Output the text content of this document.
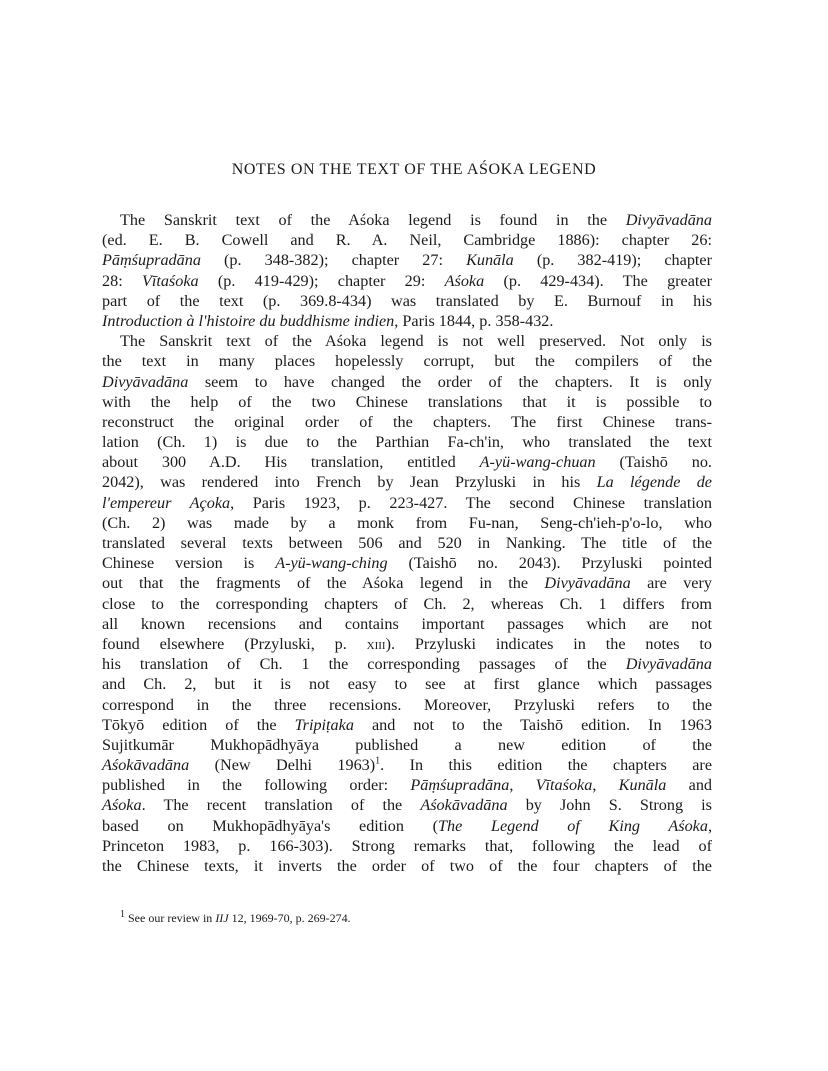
NOTES ON THE TEXT OF THE AŚOKA LEGEND
The Sanskrit text of the Aśoka legend is found in the Divyāvadāna
(ed. E. B. Cowell and R. A. Neil, Cambridge 1886): chapter 26:
Pāṃśupradāna (p. 348-382); chapter 27: Kunāla (p. 382-419); chapter
28: Vītaśoka (p. 419-429); chapter 29: Aśoka (p. 429-434). The greater
part of the text (p. 369.8-434) was translated by E. Burnouf in his
Introduction à l'histoire du buddhisme indien, Paris 1844, p. 358-432.
The Sanskrit text of the Aśoka legend is not well preserved. Not only is
the text in many places hopelessly corrupt, but the compilers of the
Divyāvadāna seem to have changed the order of the chapters. It is only
with the help of the two Chinese translations that it is possible to
reconstruct the original order of the chapters. The first Chinese trans-
lation (Ch. 1) is due to the Parthian Fa-ch'in, who translated the text
about 300 A.D. His translation, entitled A-yü-wang-chuan (Taishō no.
2042), was rendered into French by Jean Przyluski in his La légende de
l'empereur Açoka, Paris 1923, p. 223-427. The second Chinese translation
(Ch. 2) was made by a monk from Fu-nan, Seng-ch'ieh-p'o-lo, who
translated several texts between 506 and 520 in Nanking. The title of the
Chinese version is A-yü-wang-ching (Taishō no. 2043). Przyluski pointed
out that the fragments of the Aśoka legend in the Divyāvadāna are very
close to the corresponding chapters of Ch. 2, whereas Ch. 1 differs from
all known recensions and contains important passages which are not
found elsewhere (Przyluski, p. xiii). Przyluski indicates in the notes to
his translation of Ch. 1 the corresponding passages of the Divyāvadāna
and Ch. 2, but it is not easy to see at first glance which passages
correspond in the three recensions. Moreover, Przyluski refers to the
Tōkyō edition of the Tripiṭaka and not to the Taishō edition. In 1963
Sujitkumār Mukhopādhyāya published a new edition of the
Aśokāvadāna (New Delhi 1963)$^1$. In this edition the chapters are
published in the following order: Pāṃśupradāna, Vītaśoka, Kunāla and
Aśoka. The recent translation of the Aśokāvadāna by John S. Strong is
based on Mukhopādhyāya's edition (The Legend of King Aśoka,
Princeton 1983, p. 166-303). Strong remarks that, following the lead of
the Chinese texts, it inverts the order of two of the four chapters of the

$^1$ See our review in IIJ 12, 1969-70, p. 269-274.
